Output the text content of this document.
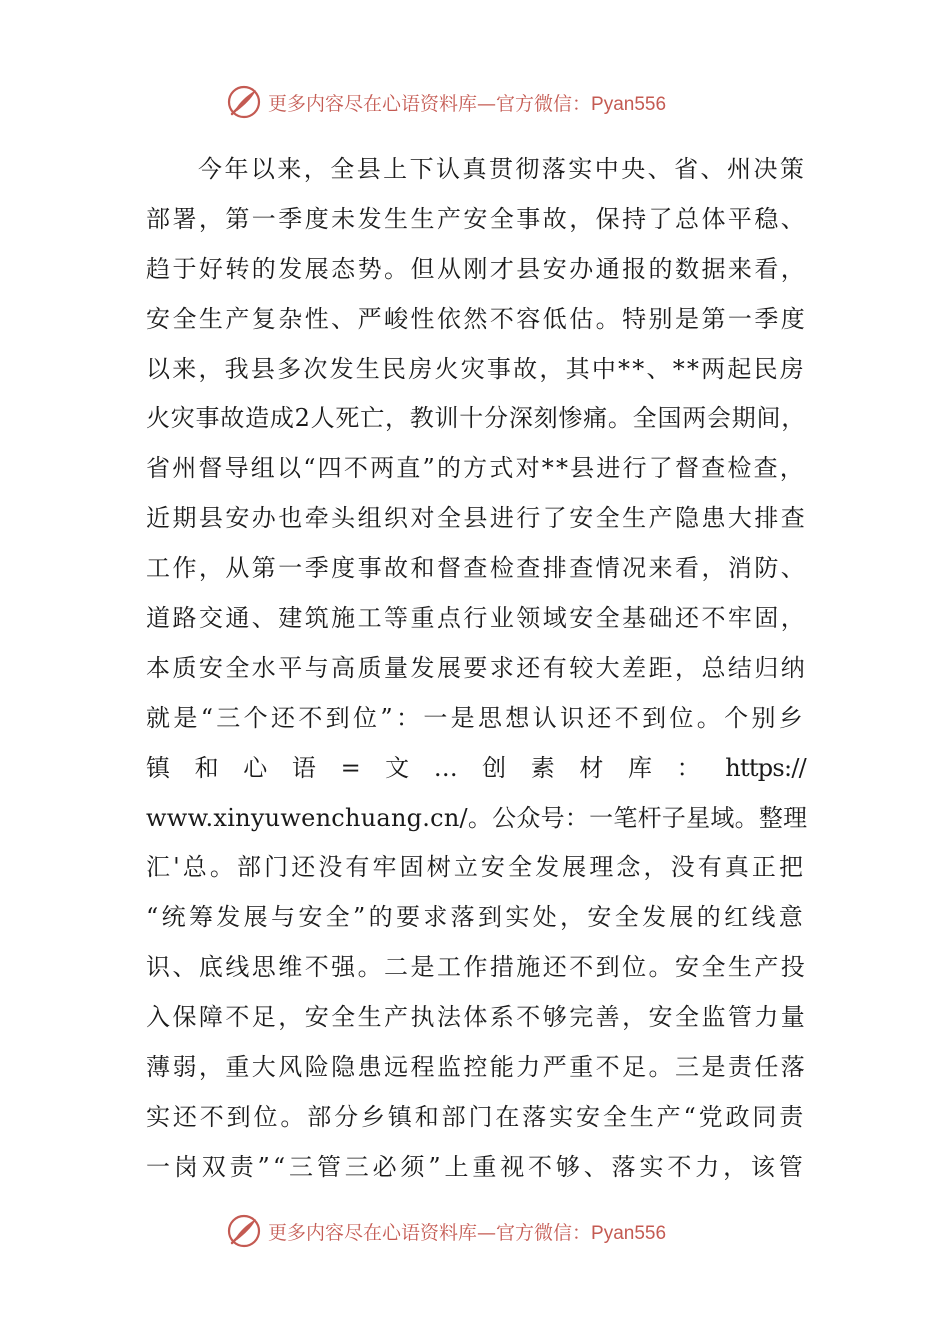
更多内容尽在心语资料库—官方微信：Pyan556
今年以来，全县上下认真贯彻落实中央、省、州决策
部署，第一季度未发生生产安全事故，保持了总体平稳、
趋于好转的发展态势。但从刚才县安办通报的数据来看，
安全生产复杂性、严峻性依然不容低估。特别是第一季度
以来，我县多次发生民房火灾事故，其中**、**两起民房
火灾事故造成2人死亡，教训十分深刻惨痛。全国两会期间，
省州督导组以“四不两直”的方式对**县进行了督查检查，
近期县安办也牵头组织对全县进行了安全生产隐患大排查
工作，从第一季度事故和督查检查排查情况来看，消防、
道路交通、建筑施工等重点行业领域安全基础还不牢固，
本质安全水平与高质量发展要求还有较大差距，总结归纳
就是“三个还不到位”：一是思想认识还不到位。个别乡
镇 和 心 语 = 文 … 创 素 材 库 ： https://
www.xinyuwenchuang.cn/。公众号：一笔杆子星域。整理
汇'总。部门还没有牢固树立安全发展理念，没有真正把
“统筹发展与安全”的要求落到实处，安全发展的红线意
识、底线思维不强。二是工作措施还不到位。安全生产投
入保障不足，安全生产执法体系不够完善，安全监管力量
薄弱，重大风险隐患远程监控能力严重不足。三是责任落
实还不到位。部分乡镇和部门在落实安全生产“党政同责
一岗双责”“三管三必须”上重视不够、落实不力，该管
更多内容尽在心语资料库—官方微信：Pyan556
